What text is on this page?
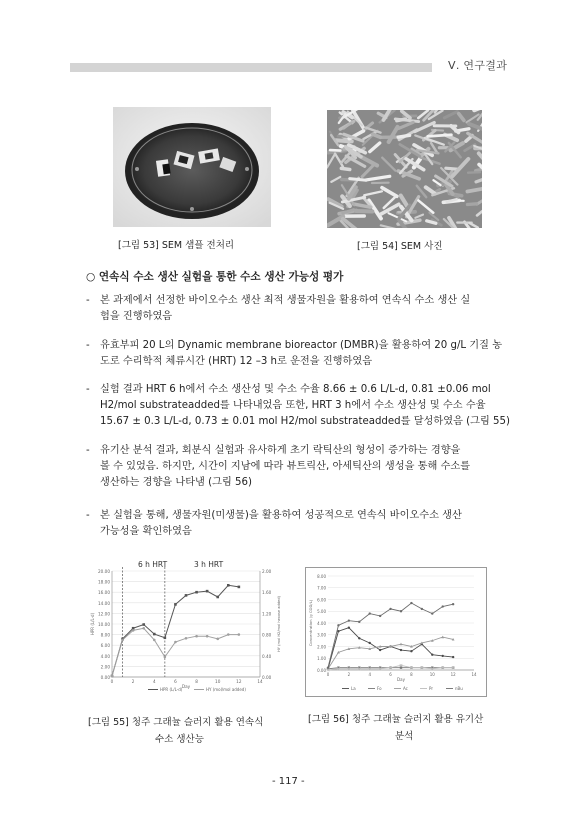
Ⅴ. 연구결과
[그림 53] SEM 샘플 전처리	[그림 54] SEM 사진
○ 연속식 수소 생산 실험을 통한 수소 생산 가능성 평가
- 본 과제에서 선정한 바이오수소 생산 최적 생물자원을 활용하여 연속식 수소 생산 실
험을 진행하였음
- 유효부피 20 L의 Dynamic membrane bioreactor (DMBR)을 활용하여 20 g/L 기질 농
도로 수리학적 체류시간 (HRT) 12 –3 h로 운전을 진행하였음
- 실험 결과 HRT 6 h에서 수소 생산성 및 수소 수율 8.66 ± 0.6 L/L-d, 0.81 ±0.06 mol
H2/mol substrateadded를 나타내었음 또한, HRT 3 h에서 수소 생산성 및 수소 수율
15.67 ± 0.3 L/L-d, 0.73 ± 0.01 mol H2/mol substrateadded를 달성하였음 (그림 55)
- 유기산 분석 결과, 회분식 실험과 유사하게 초기 락틱산의 형성이 증가하는 경향을
볼 수 있었음. 하지만, 시간이 지남에 따라 뷰트릭산, 아세틱산의 생성을 통해 수소를
생산하는 경향을 나타냄 (그림 56)
- 본 실험을 통해, 생물자원(미생물)을 활용하여 성공적으로 연속식 바이오수소 생산
가능성을 확인하였음
0.00
2.00
4.00
6.00
8.00
10.00
12.00
14.00
16.00
18.00
20.00
0.00
0.40
0.80
1.20
1.60
2.00
0	2	4	6	8	10	12	14
6 h HRT	3 h HRT
HPR (L/L-d)	HY (mol H2/mol hexose added)
Day
HPR (L/L-d)	HY (mol/mol added)
[그림 55] 청주 그래뉼 슬러지 활용 연속식
수소 생산능
0.00
1.00
2.00
3.00
4.00
5.00
6.00
7.00
8.00
0	2	4	6	8	10	12	14
Concentration (g COD/L)
Day
La	Fo	Ac	Pr	nBu
[그림 56] 청주 그래뉼 슬러지 활용 유기산
분석
- 117 -
